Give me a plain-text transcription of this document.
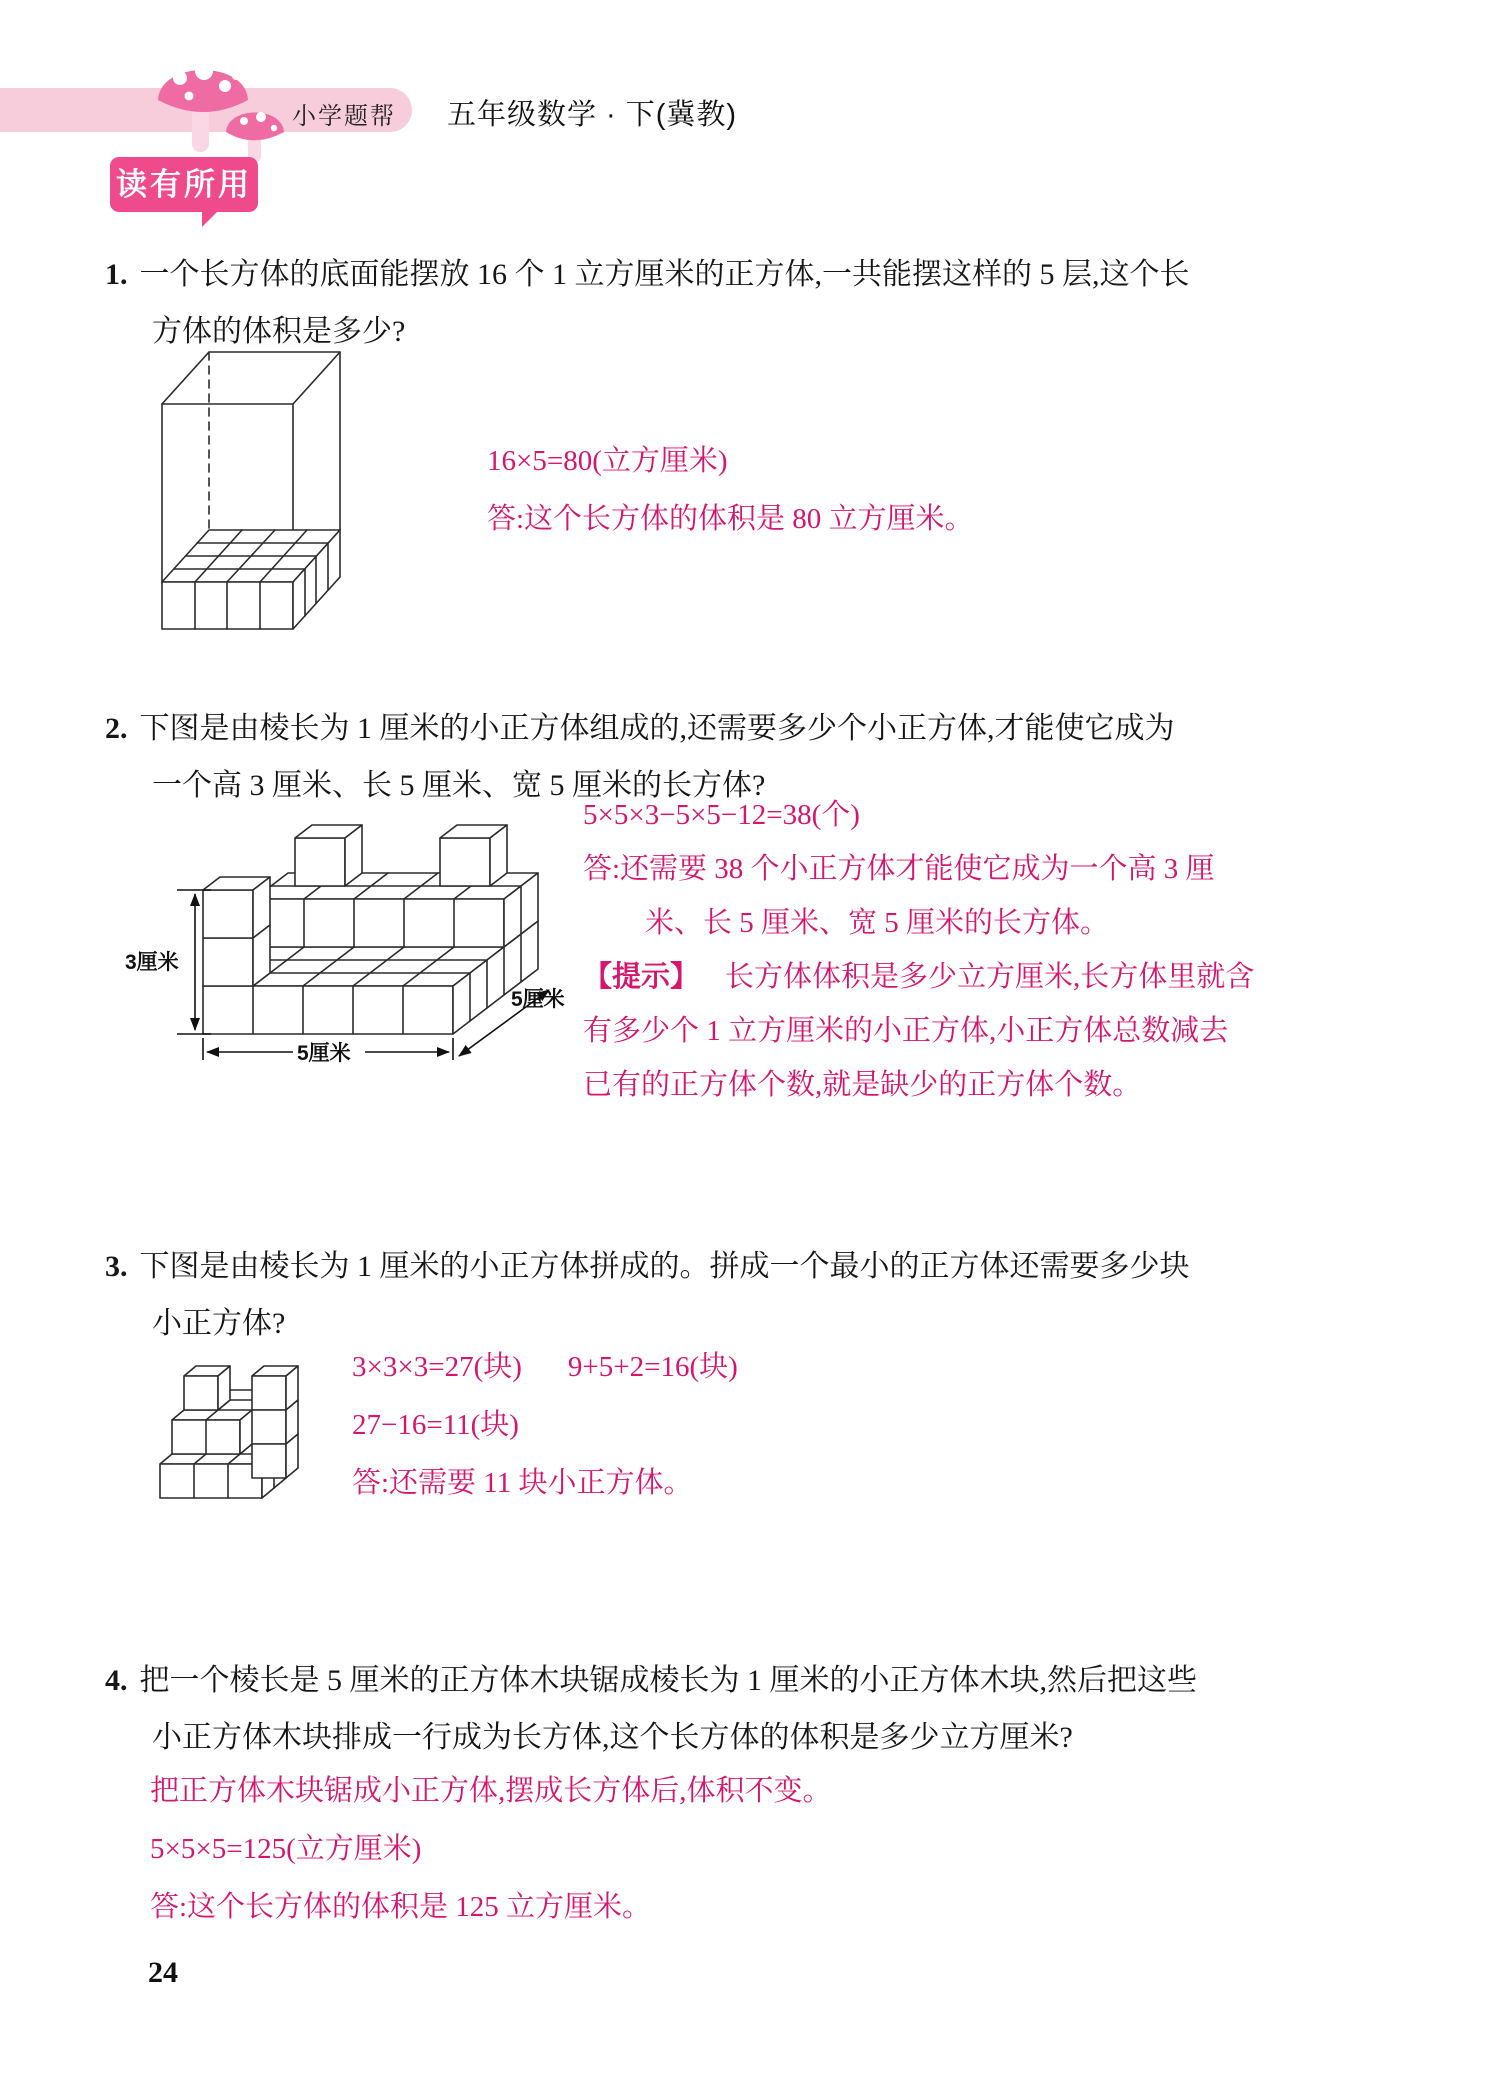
小学题帮 五年级数学 · 下(冀教)
读有所用
1. 一个长方体的底面能摆放 16 个 1 立方厘米的正方体,一共能摆这样的 5 层,这个长
方体的体积是多少?
16×5=80(立方厘米)
答:这个长方体的体积是 80 立方厘米。
2. 下图是由棱长为 1 厘米的小正方体组成的,还需要多少个小正方体,才能使它成为
一个高 3 厘米、长 5 厘米、宽 5 厘米的长方体?
3厘米
5厘米
5厘米
5×5×3−5×5−12=38(个)
答:还需要 38 个小正方体才能使它成为一个高 3 厘
米、长 5 厘米、宽 5 厘米的长方体。
【提示】 长方体体积是多少立方厘米,长方体里就含
有多少个 1 立方厘米的小正方体,小正方体总数减去
已有的正方体个数,就是缺少的正方体个数。
3. 下图是由棱长为 1 厘米的小正方体拼成的。拼成一个最小的正方体还需要多少块
小正方体?
3×3×3=27(块) 9+5+2=16(块)
27−16=11(块)
答:还需要 11 块小正方体。
4. 把一个棱长是 5 厘米的正方体木块锯成棱长为 1 厘米的小正方体木块,然后把这些
小正方体木块排成一行成为长方体,这个长方体的体积是多少立方厘米?
把正方体木块锯成小正方体,摆成长方体后,体积不变。
5×5×5=125(立方厘米)
答:这个长方体的体积是 125 立方厘米。
24
